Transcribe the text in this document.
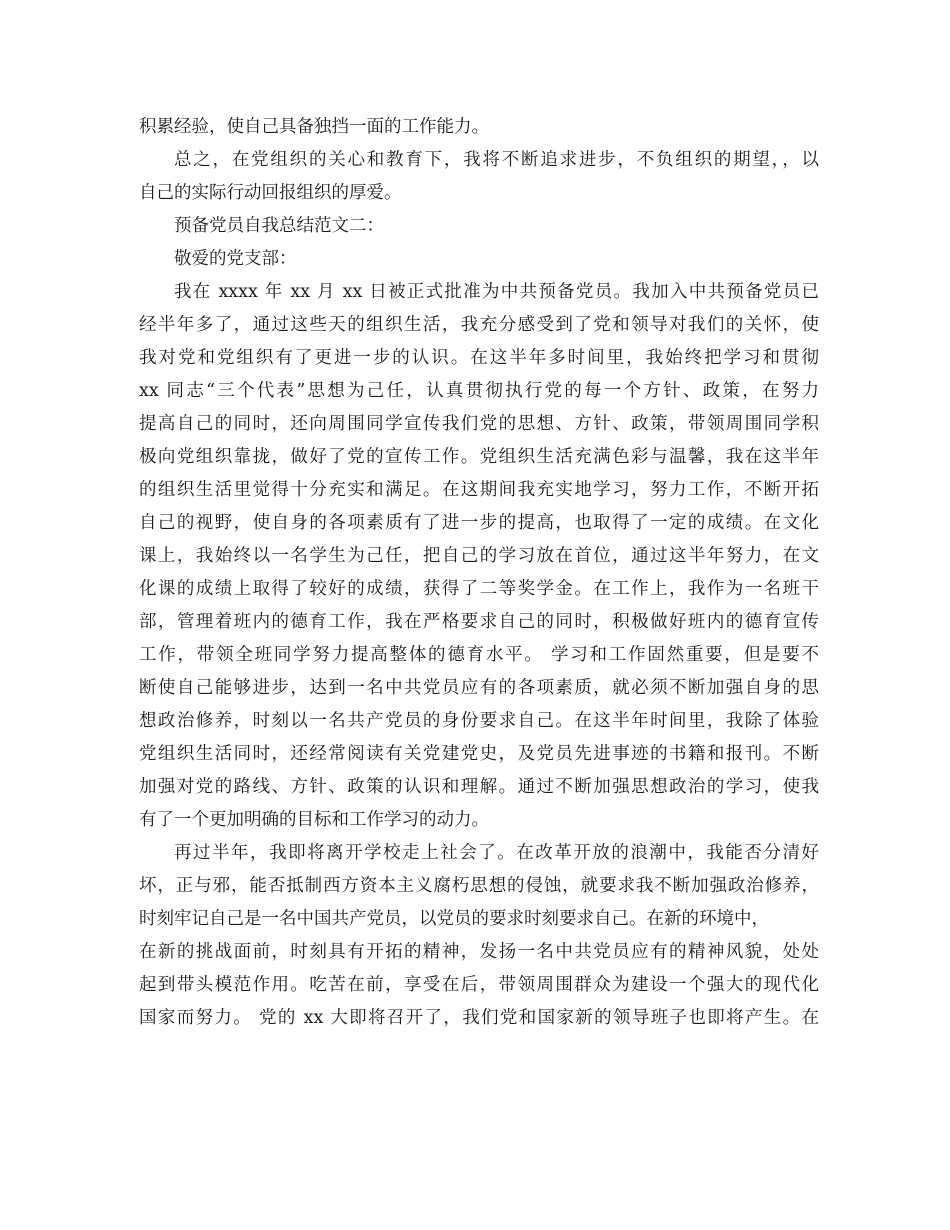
积累经验，使自己具备独挡一面的工作能力。
总之，在党组织的关心和教育下，我将不断追求进步，不负组织的期望，，以
自己的实际行动回报组织的厚爱。
预备党员自我总结范文二：
敬爱的党支部：
我在 xxxx 年 xx 月 xx 日被正式批准为中共预备党员。我加入中共预备党员已
经半年多了，通过这些天的组织生活，我充分感受到了党和领导对我们的关怀，使
我对党和党组织有了更进一步的认识。在这半年多时间里，我始终把学习和贯彻
xx 同志“三个代表”思想为己任，认真贯彻执行党的每一个方针、政策，在努力
提高自己的同时，还向周围同学宣传我们党的思想、方针、政策，带领周围同学积
极向党组织靠拢，做好了党的宣传工作。党组织生活充满色彩与温馨，我在这半年
的组织生活里觉得十分充实和满足。在这期间我充实地学习，努力工作，不断开拓
自己的视野，使自身的各项素质有了进一步的提高，也取得了一定的成绩。在文化
课上，我始终以一名学生为己任，把自己的学习放在首位，通过这半年努力，在文
化课的成绩上取得了较好的成绩，获得了二等奖学金。在工作上，我作为一名班干
部，管理着班内的德育工作，我在严格要求自己的同时，积极做好班内的德育宣传
工作，带领全班同学努力提高整体的德育水平。 学习和工作固然重要，但是要不
断使自己能够进步，达到一名中共党员应有的各项素质，就必须不断加强自身的思
想政治修养，时刻以一名共产党员的身份要求自己。在这半年时间里，我除了体验
党组织生活同时，还经常阅读有关党建党史，及党员先进事迹的书籍和报刊。不断
加强对党的路线、方针、政策的认识和理解。通过不断加强思想政治的学习，使我
有了一个更加明确的目标和工作学习的动力。
再过半年，我即将离开学校走上社会了。在改革开放的浪潮中，我能否分清好
坏，正与邪，能否抵制西方资本主义腐朽思想的侵蚀，就要求我不断加强政治修养，
时刻牢记自己是一名中国共产党员，以党员的要求时刻要求自己。在新的环境中，
在新的挑战面前，时刻具有开拓的精神，发扬一名中共党员应有的精神风貌，处处
起到带头模范作用。吃苦在前，享受在后，带领周围群众为建设一个强大的现代化
国家而努力。 党的 xx 大即将召开了，我们党和国家新的领导班子也即将产生。在
